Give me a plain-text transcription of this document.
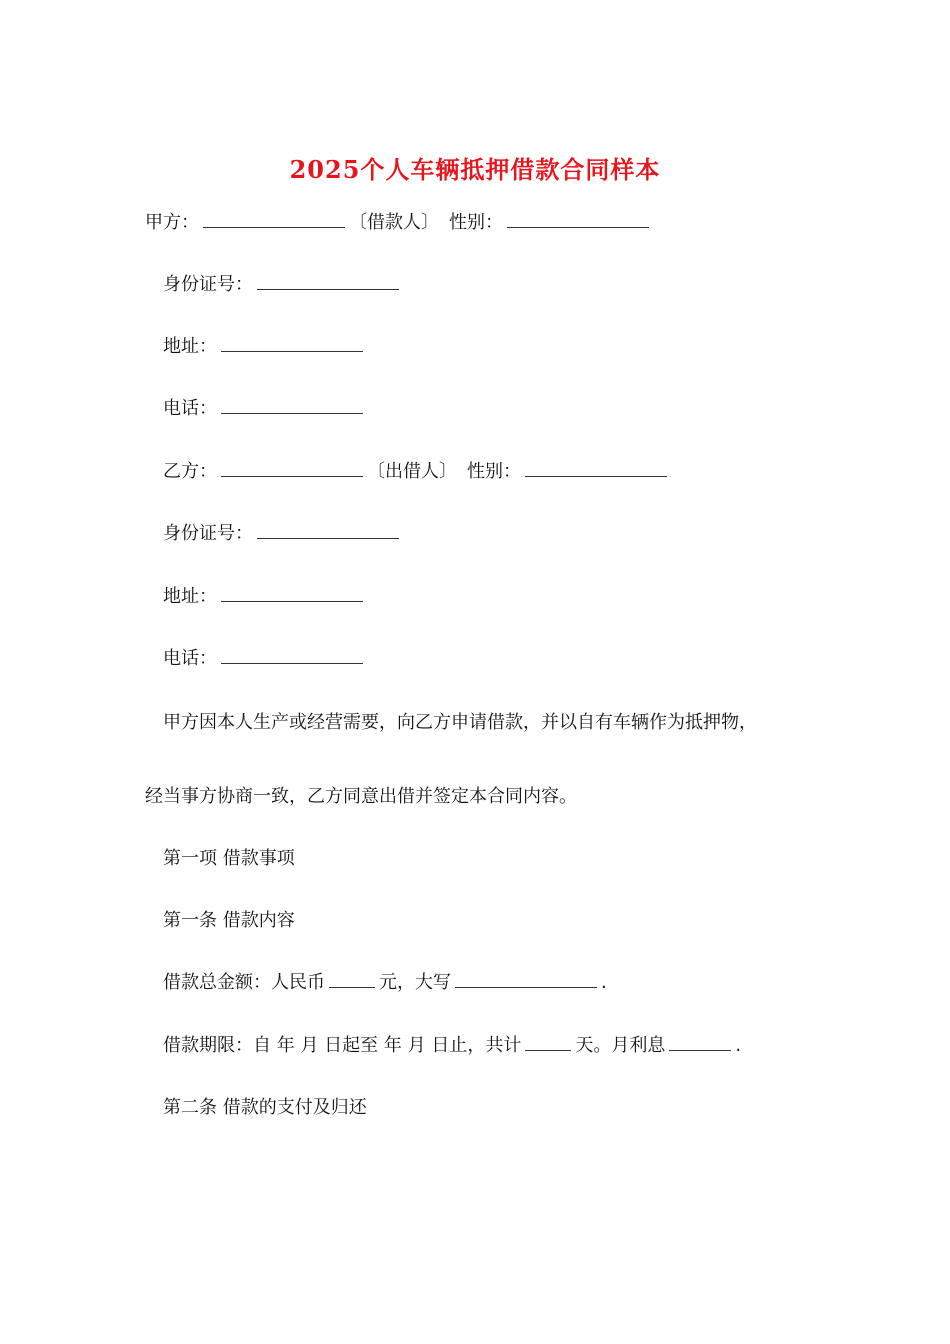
2025个人车辆抵押借款合同样本
甲方：	〔借款人〕 性别：
身份证号：
地址：
电话：
乙方：	〔出借人〕 性别：
身份证号：
地址：
电话：
甲方因本人生产或经营需要，向乙方申请借款，并以自有车辆作为抵押物，
经当事方协商一致，乙方同意出借并签定本合同内容。
第一项 借款事项
第一条 借款内容
借款总金额：人民币	元，大写	.
借款期限：自 年 月 日起至 年 月 日止，共计	天。月利息	.
第二条 借款的支付及归还
